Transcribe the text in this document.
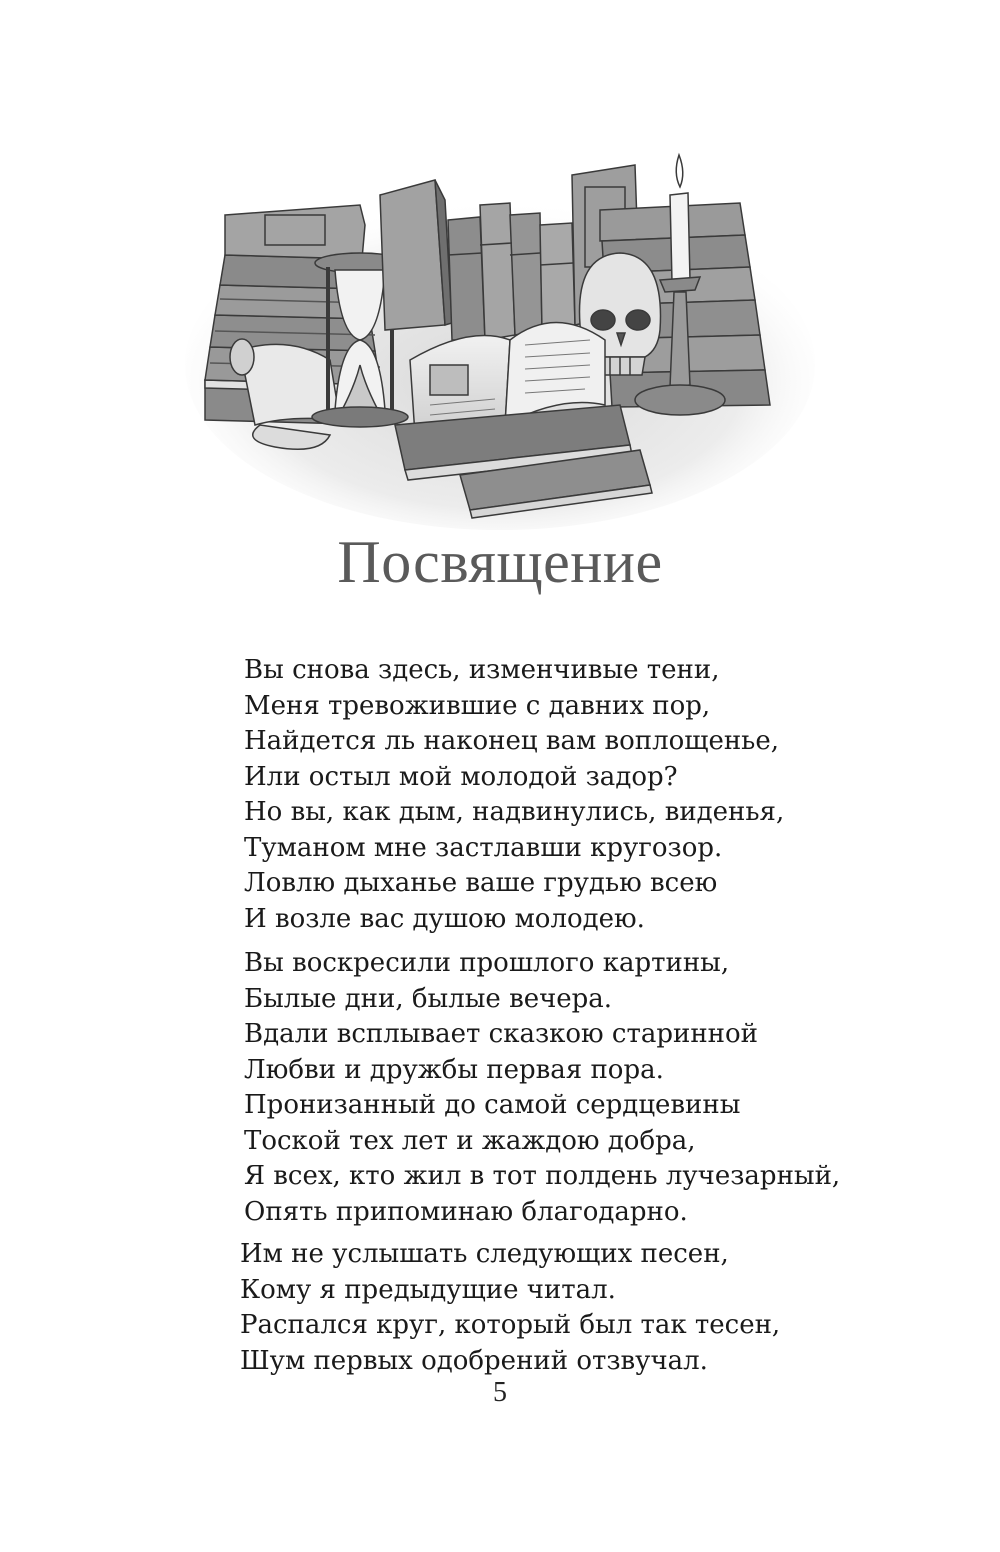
Посвящение
Вы снова здесь, изменчивые тени,
Меня тревожившие с давних пор,
Найдется ль наконец вам воплощенье,
Или остыл мой молодой задор?
Но вы, как дым, надвинулись, виденья,
Туманом мне застлавши кругозор.
Ловлю дыханье ваше грудью всею
И возле вас душою молодею.
Вы воскресили прошлого картины,
Былые дни, былые вечера.
Вдали всплывает сказкою старинной
Любви и дружбы первая пора.
Пронизанный до самой сердцевины
Тоской тех лет и жаждою добра,
Я всех, кто жил в тот полдень лучезарный,
Опять припоминаю благодарно.
Им не услышать следующих песен,
Кому я предыдущие читал.
Распался круг, который был так тесен,
Шум первых одобрений отзвучал.
5
